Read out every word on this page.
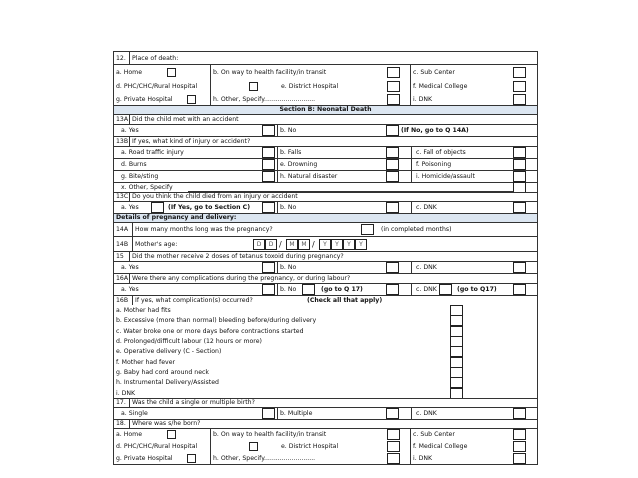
12. Place of death:
a. Home	b. On way to health facility/in transit	c. Sub Center
d. PHC/CHC/Rural Hospital	e. District Hospital	f. Medical College
g. Private Hospital	h. Other, Specify..........................	i. DNK
Section B: Neonatal Death
13A Did the child met with an accident
a. Yes	b. No	(If No, go to Q 14A)
13B If yes, what kind of injury or accident?
a. Road traffic injury	b. Falls	c. Fall of objects
d. Burns	e. Drowning	f. Poisoning
g. Bite/sting	h. Natural disaster	i. Homicide/assault
x. Other, Specify
13C Do you think the child died from an injury or accident
a. Yes	(If Yes, go to Section C)	b. No	c. DNK
Details of pregnancy and delivery:
14A How many months long was the pregnancy?	(in completed months)
14B Mother's age:	D	D /	M	M /	Y	Y	Y	Y
15 Did the mother receive 2 doses of tetanus toxoid during pregnancy?
a. Yes	b. No	c. DNK
16A Were there any complications during the pregnancy, or during labour?
a. Yes	b. No	(go to Q 17)	c. DNK	(go to Q17)
16B If yes, what complication(s) occurred?	(Check all that apply)
a. Mother had fits
b. Excessive (more than normal) bleeding before/during delivery
c. Water broke one or more days before contractions started
d. Prolonged/difficult labour (12 hours or more)
e. Operative delivery (C - Section)
f. Mother had fever
g. Baby had cord around neck
h. Instrumental Delivery/Assisted
i. DNK
17. Was the child a single or multiple birth?
a. Single	b. Multiple	c. DNK
18. Where was s/he born?
a. Home	b. On way to health facility/in transit	c. Sub Center
d. PHC/CHC/Rural Hospital	e. District Hospital	f. Medical College
g. Private Hospital	h. Other, Specify..........................	i. DNK
